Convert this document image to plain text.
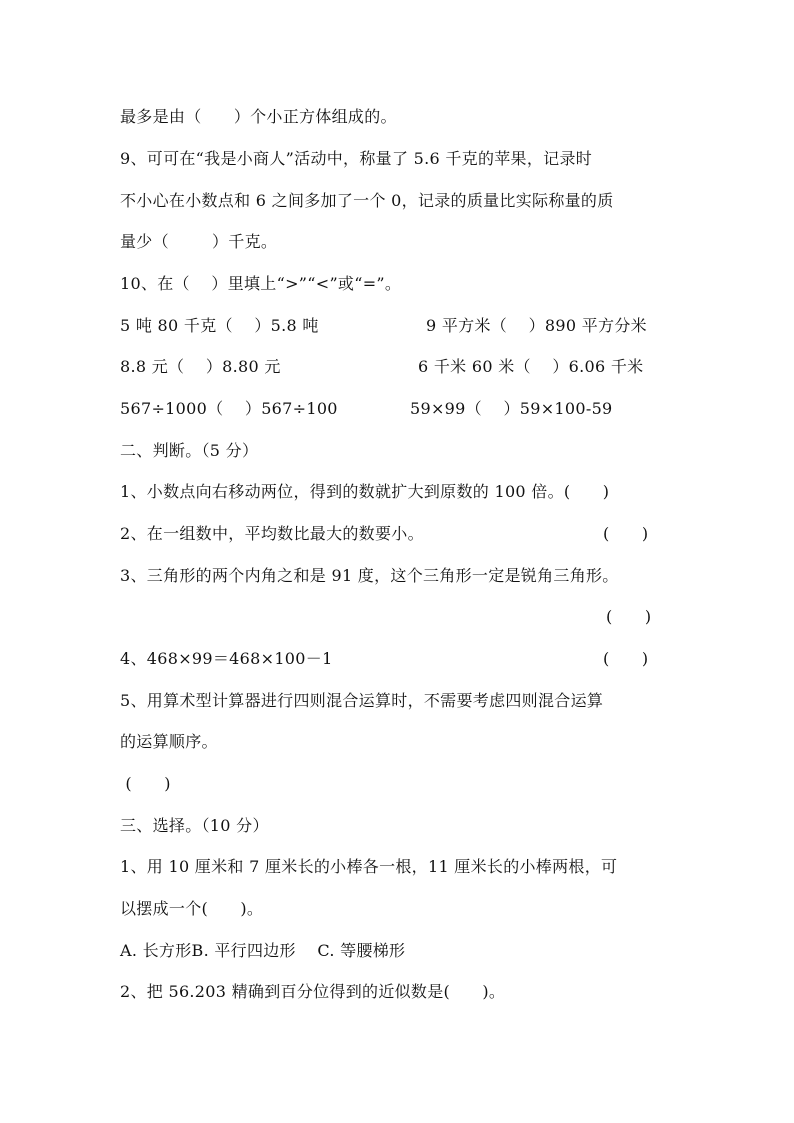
最多是由（      ）个小正方体组成的。
9、可可在“我是小商人”活动中，称量了 5.6 千克的苹果，记录时
不小心在小数点和 6 之间多加了一个 0，记录的质量比实际称量的质
量少（        ）千克。
10、在（    ）里填上“>”“<”或“=”。
5 吨 80 千克（    ）5.8 吨	9 平方米（    ）890 平方分米
8.8 元（    ）8.80 元	6 千米 60 米（    ）6.06 千米
567÷1000（    ）567÷100	59×99（    ）59×100-59
二、判断。（5 分）
1、小数点向右移动两位，得到的数就扩大到原数的 100 倍。(      )
2、在一组数中，平均数比最大的数要小。	(      )
3、三角形的两个内角之和是 91 度，这个三角形一定是锐角三角形。
(      )
4、468×99＝468×100－1	(      )
5、用算术型计算器进行四则混合运算时，不需要考虑四则混合运算
的运算顺序。
(      )
三、选择。（10 分）
1、用 10 厘米和 7 厘米长的小棒各一根，11 厘米长的小棒两根，可
以摆成一个(      )。
A. 长方形B. 平行四边形    C. 等腰梯形
2、把 56.203 精确到百分位得到的近似数是(      )。
